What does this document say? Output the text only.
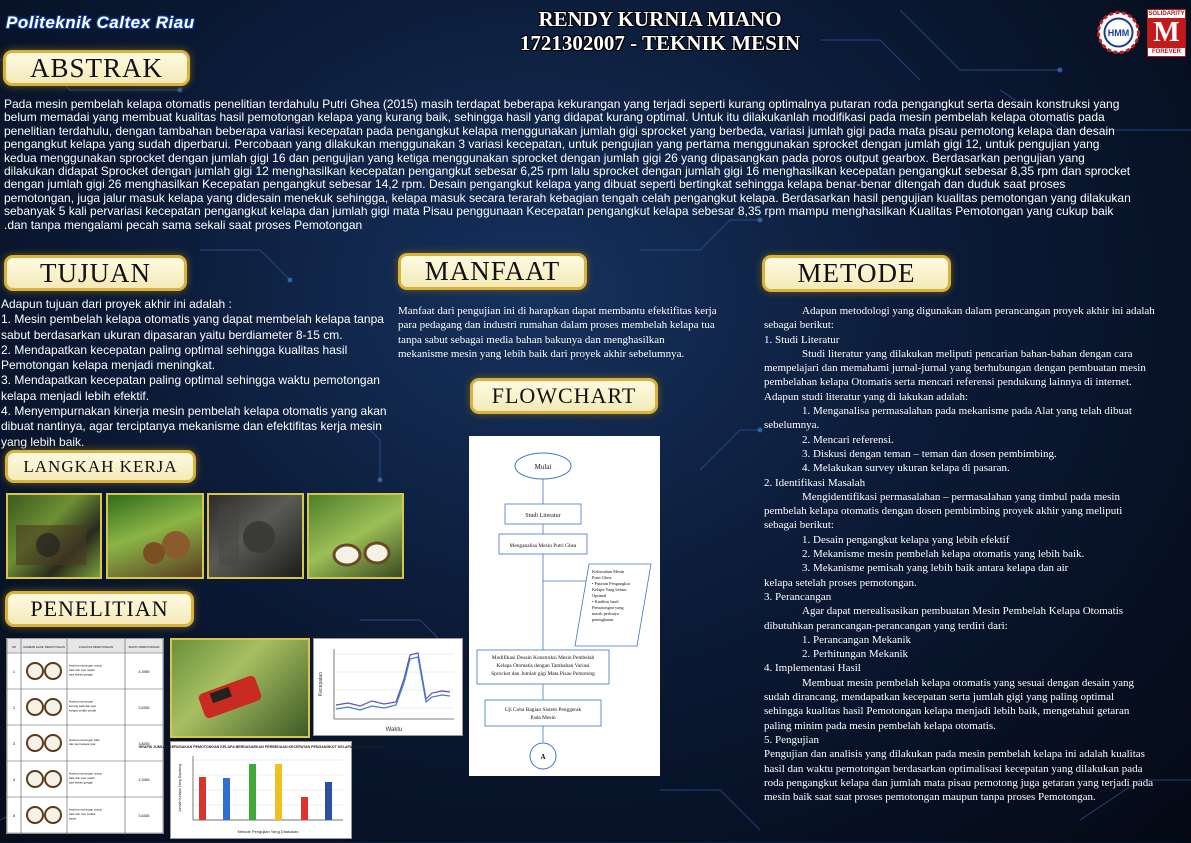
Politeknik Caltex Riau	RENDY KURNIA MIANO
1721302007 - TEKNIK MESIN	HMM
SOLIDARITY
M
FOREVER
ABSTRAK
Pada mesin pembelah kelapa otomatis penelitian terdahulu Putri Ghea (2015) masih terdapat beberapa kekurangan yang terjadi seperti kurang optimalnya putaran roda pengangkut serta desain konstruksi yang
belum memadai yang membuat kualitas hasil pemotongan kelapa yang kurang baik, sehingga hasil yang didapat kurang optimal. Untuk itu dilakukanlah modifikasi pada mesin pembelah kelapa otomatis pada
penelitian terdahulu, dengan tambahan beberapa variasi kecepatan pada pengangkut kelapa menggunakan jumlah gigi sprocket yang berbeda, variasi jumlah gigi pada mata pisau pemotong kelapa dan desain
pengangkut kelapa yang sudah diperbarui. Percobaan yang dilakukan menggunakan 3 variasi kecepatan, untuk pengujian yang pertama menggunakan sprocket dengan jumlah gigi 12, untuk pengujian yang
kedua menggunakan sprocket dengan jumlah gigi 16 dan pengujian yang ketiga menggunakan sprocket dengan jumlah gigi 26 yang dipasangkan pada poros output gearbox. Berdasarkan pengujian yang
dilakukan didapat Sprocket dengan jumlah gigi 12 menghasilkan kecepatan pengangkut sebesar 6,25 rpm lalu sprocket dengan jumlah gigi 16 menghasilkan kecepatan pengangkut sebesar 8,35 rpm dan sprocket
dengan jumlah gigi 26 menghasilkan Kecepatan pengangkut sebesar 14,2 rpm. Desain pengangkut kelapa yang dibuat seperti bertingkat sehingga kelapa benar-benar ditengah dan duduk saat proses
pemotongan, juga jalur masuk kelapa yang didesain menekuk sehingga, kelapa masuk secara terarah kebagian tengah celah pengangkut kelapa. Berdasarkan hasil pengujian kualitas pemotongan yang dilakukan
sebanyak 5 kali pervariasi kecepatan pengangkut kelapa dan jumlah gigi mata Pisau penggunaan Kecepatan pengangkut kelapa sebesar 8,35 rpm mampu menghasilkan Kualitas Pemotongan yang cukup baik
.dan tanpa mengalami pecah sama sekali saat proses Pemotongan
TUJUAN
Adapun tujuan dari proyek akhir ini adalah :
1. Mesin pembelah kelapa otomatis yang dapat membelah kelapa tanpa
sabut berdasarkan ukuran dipasaran yaitu berdiameter 8-15 cm.
2. Mendapatkan kecepatan paling optimal sehingga kualitas hasil
Pemotongan kelapa menjadi meningkat.
3. Mendapatkan kecepatan paling optimal sehingga waktu pemotongan
kelapa menjadi lebih efektif.
4. Menyempurnakan kinerja mesin pembelah kelapa otomatis yang akan
dibuat nantinya, agar terciptanya mekanisme dan efektifitas kerja mesin
yang lebih baik.
LANGKAH KERJA
PENELITIAN
NO GAMBAR HASIL PEMOTONGAN	KUALITAS PEMOTONGAN	WAKTU PEMOTONGAN
1
Hasil pemotongan cukup baik dan tepi masih ada bekas gergaji
4,3965
2
Hasil pemotongan kurang baik dan tepi kelapa sedikit pecah
3,6365
3
Hasil pemotongan baik dan tepi kelapa rata	3,8265
4
Hasil pemotongan cukup baik dan tepi masih ada bekas gergaji
4,3965
5
Hasil pemotongan cukup baik dan tepi sedikit kasar
3,6365
Waktu
Kecepatan
GRAFIK JUMLAH KERUSAKAN PEMOTONGAN KELAPA BERDASARKAN PERBEDAAN KECEPATAN PENGANGKUT KELAPA DAN MATA PISAU
Metode Pengujian Yang Dilakukan
Jumlah Kelapa Yang Dipotong
MANFAAT
Manfaat dari pengujian ini di harapkan dapat membantu efektifitas kerja
para pedagang dan industri rumahan dalam proses membelah kelapa tua
tanpa sabut sebagai media bahan bakunya dan menghasilkan
mekanisme mesin yang lebih baik dari proyek akhir sebelumnya.
FLOWCHART
Mulai
Studi Literatur
Menganalisa Mesin Putri Ghea
Kelemahan Mesin Putri Ghea: • Putaran Pengangkut Kelapa Yang belum Optimal • Kualitas hasil Pemotongan yang masih perlunya peningkatan
Modifikasi Desain Konstruksi Mesin Pembelah Kelapa Otomatis dengan Tambahan Variasi Sprocket dan Jumlah gigi Mata Pisau Pemotong
Uji Coba Bagian Sistem Penggerak Pada Mesin
A
METODE

Adapun metodologi yang digunakan dalam perancangan proyek akhir ini adalah

sebagai berikut:

1. Studi Literatur

Studi literatur yang dilakukan meliputi pencarian bahan-bahan dengan cara

mempelajari dan memahami jurnal-jurnal yang berhubungan dengan pembuatan mesin

pembelahan kelapa Otomatis serta mencari referensi pendukung lainnya di internet.

Adapun studi literatur yang di lakukan adalah:

1. Menganalisa permasalahan pada mekanisme pada Alat yang telah dibuat

sebelumnya.

2. Mencari referensi.

3. Diskusi dengan teman – teman dan dosen pembimbing.

4. Melakukan survey ukuran kelapa di pasaran.

2. Identifikasi Masalah

Mengidentifikasi permasalahan – permasalahan yang timbul pada mesin

pembelah kelapa otomatis dengan dosen pembimbing proyek akhir yang meliputi

sebagai berikut:

1. Desain pengangkut kelapa yang lebih efektif

2. Mekanisme mesin pembelah kelapa otomatis yang lebih baik.

3. Mekanisme pemisah yang lebih baik antara kelapa dan air

kelapa setelah proses pemotongan.

3. Perancangan

Agar dapat merealisasikan pembuatan Mesin Pembelah Kelapa Otomatis

dibutuhkan perancangan-perancangan yang terdiri dari:

1. Perancangan Mekanik

2. Perhitungan Mekanik

4. Implementasi Hasil

Membuat mesin pembelah kelapa otomatis yang sesuai dengan desain yang

sudah dirancang, mendapatkan kecepatan serta jumlah gigi yang paling optimal

sehingga kualitas hasil Pemotongan kelapa menjadi lebih baik, mengetahui getaran

paling minim pada mesin pembelah kelapa otomatis.

5. Pengujian

Pengujian dan analisis yang dilakukan pada mesin pembelah kelapa ini adalah kualitas

hasil dan waktu pemotongan berdasarkan optimalisasi kecepatan yang dilakukan pada

roda pengangkut kelapa dan jumlah mata pisau pemotong juga getaran yang terjadi pada

mesin baik saat saat proses pemotongan maupun tanpa proses Pemotongan.
